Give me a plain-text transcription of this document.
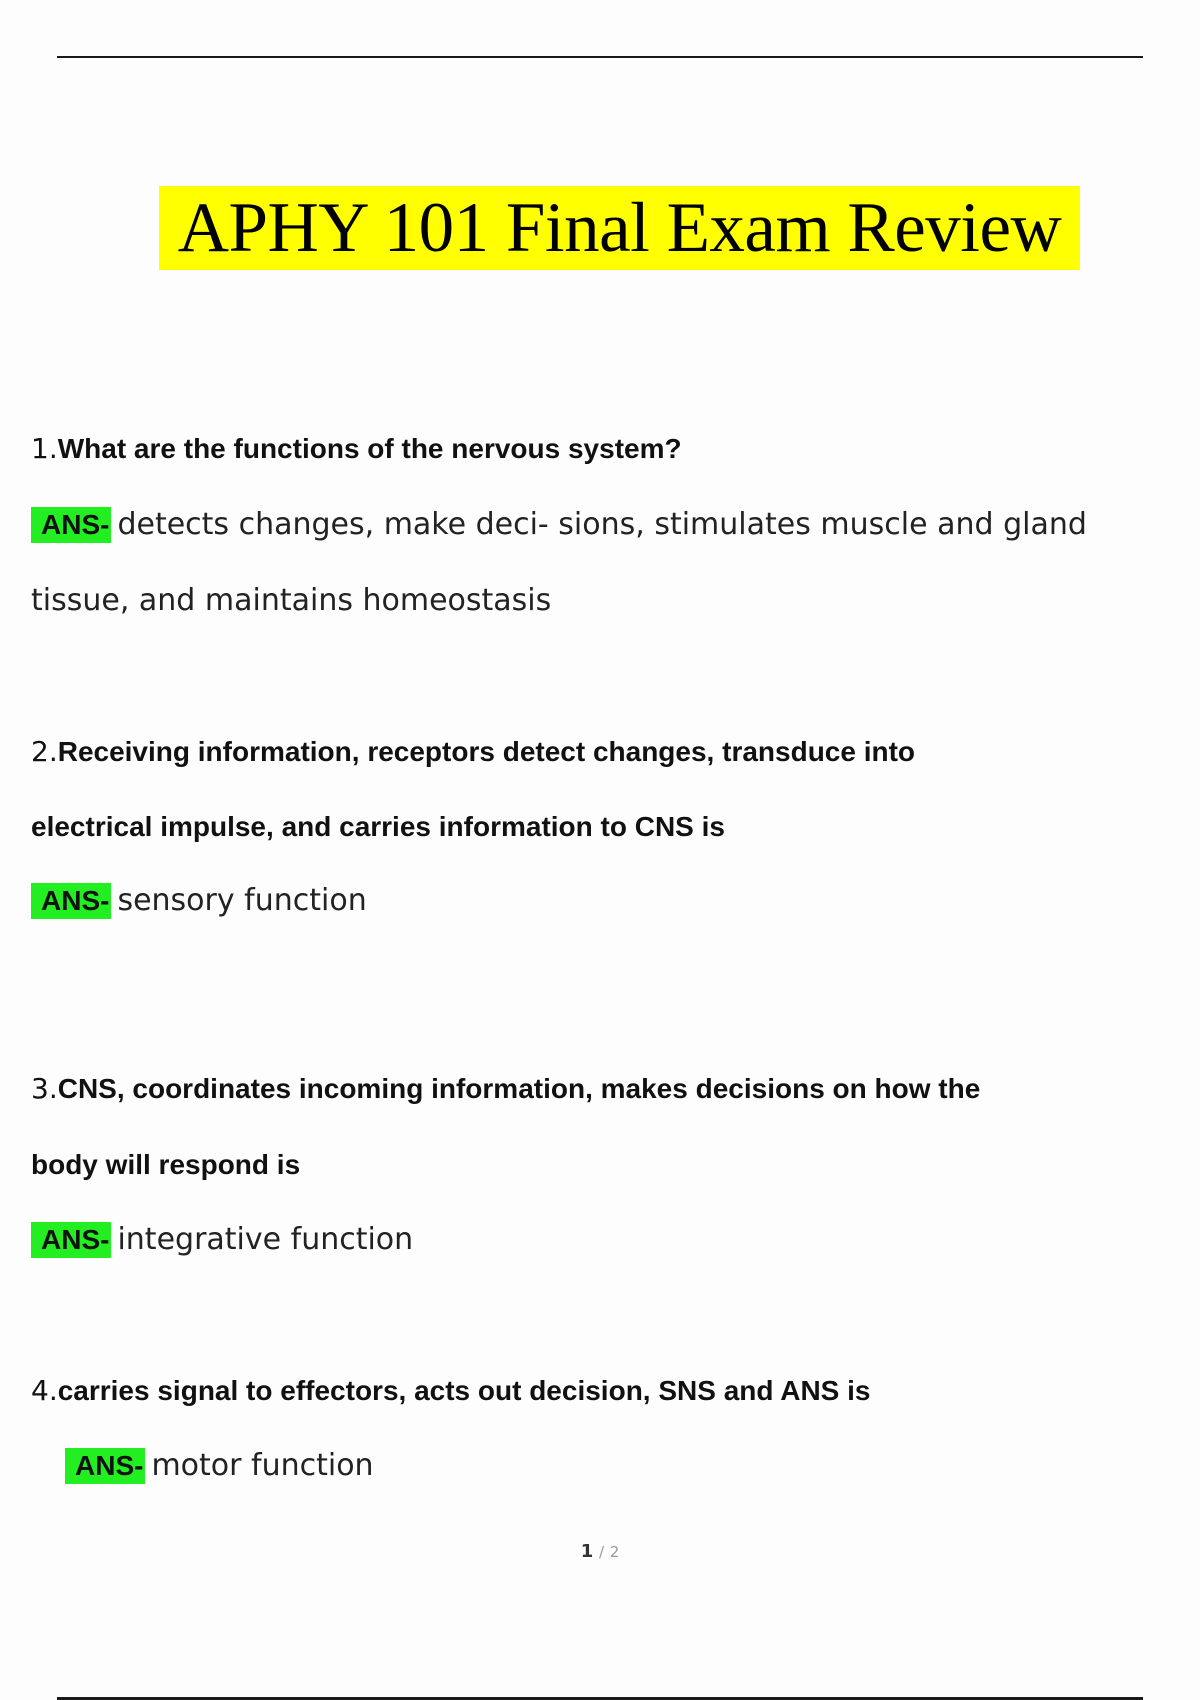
APHY 101 Final Exam Review
1.What are the functions of the nervous system?
ANS- detects changes, make deci- sions, stimulates muscle and gland
tissue, and maintains homeostasis
2.Receiving information, receptors detect changes, transduce into
electrical impulse, and carries information to CNS is
ANS- sensory function
3.CNS, coordinates incoming information, makes decisions on how the
body will respond is
ANS- integrative function
4.carries signal to effectors, acts out decision, SNS and ANS is
ANS- motor function
1 / 2
